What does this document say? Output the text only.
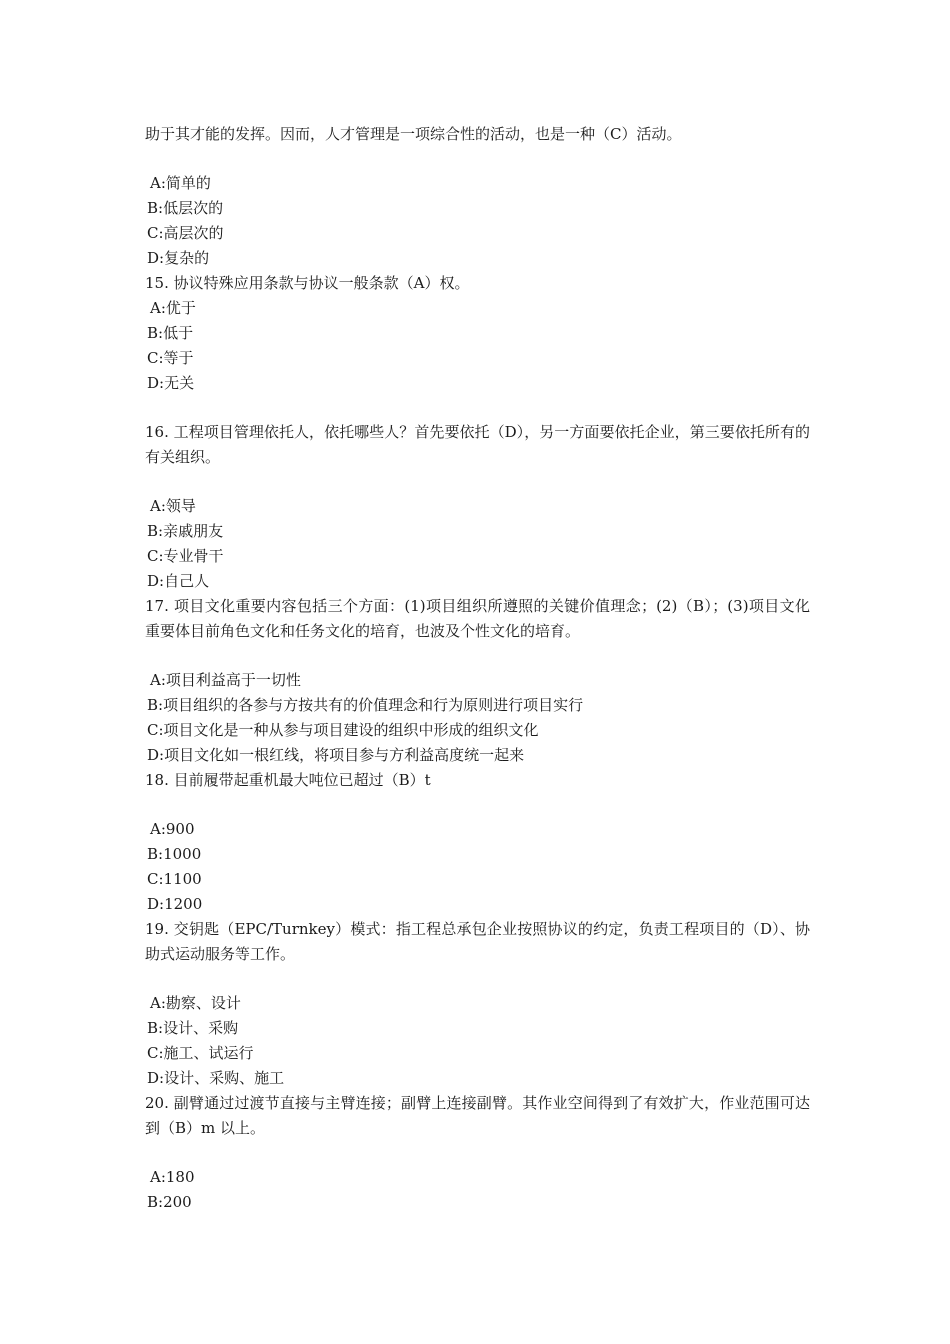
助于其才能的发挥。因而，人才管理是一项综合性的活动，也是一种（C）活动。
A:简单的
B:低层次的
C:高层次的
D:复杂的
15. 协议特殊应用条款与协议一般条款（A）权。
A:优于
B:低于
C:等于
D:无关
16. 工程项目管理依托人，依托哪些人？首先要依托（D），另一方面要依托企业，第三要依托所有的有关组织。
A:领导
B:亲戚朋友
C:专业骨干
D:自己人
17. 项目文化重要内容包括三个方面：(1)项目组织所遵照的关键价值理念；(2)（B）；(3)项目文化重要体目前角色文化和任务文化的培育，也波及个性文化的培育。
A:项目利益高于一切性
B:项目组织的各参与方按共有的价值理念和行为原则进行项目实行
C:项目文化是一种从参与项目建设的组织中形成的组织文化
D:项目文化如一根红线，将项目参与方利益高度统一起来
18. 目前履带起重机最大吨位已超过（B）t
A:900
B:1000
C:1100
D:1200
19. 交钥匙（EPC/Turnkey）模式：指工程总承包企业按照协议的约定，负责工程项目的（D）、协助式运动服务等工作。
A:勘察、设计
B:设计、采购
C:施工、试运行
D:设计、采购、施工
20. 副臂通过过渡节直接与主臂连接；副臂上连接副臂。其作业空间得到了有效扩大，作业范围可达到（B）m 以上。
A:180
B:200
